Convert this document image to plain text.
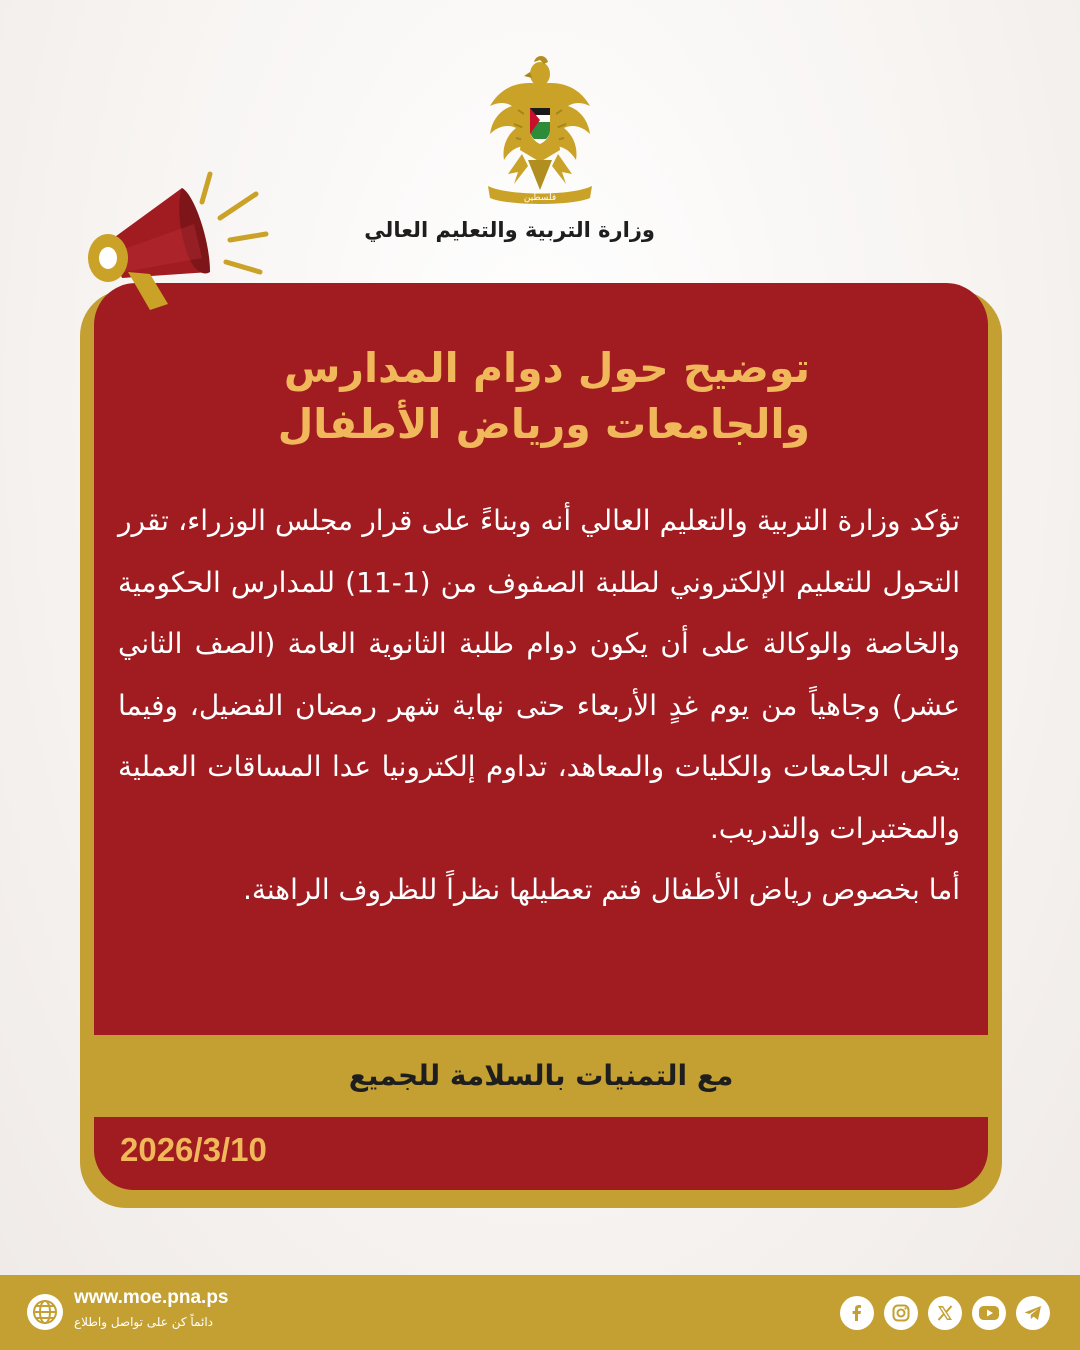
فلسطين
وزارة التربية والتعليم العالي
توضيح حول دوام المدارس
والجامعات ورياض الأطفال

تؤكد وزارة التربية والتعليم العالي أنه وبناءً على قرار مجلس الوزراء، تقرر التحول للتعليم الإلكتروني لطلبة الصفوف من (1-11) للمدارس الحكومية والخاصة والوكالة على أن يكون دوام طلبة الثانوية العامة (الصف الثاني عشر) وجاهياً من يوم غدٍ الأربعاء حتى نهاية شهر رمضان الفضيل، وفيما يخص الجامعات والكليات والمعاهد، تداوم إلكترونيا عدا المساقات العملية والمختبرات والتدريب.

أما بخصوص رياض الأطفال فتم تعطيلها نظراً للظروف الراهنة.

مع التمنيات بالسلامة للجميع
2026/3/10
www.moe.pna.ps
دائماً كن على تواصل واطلاع
